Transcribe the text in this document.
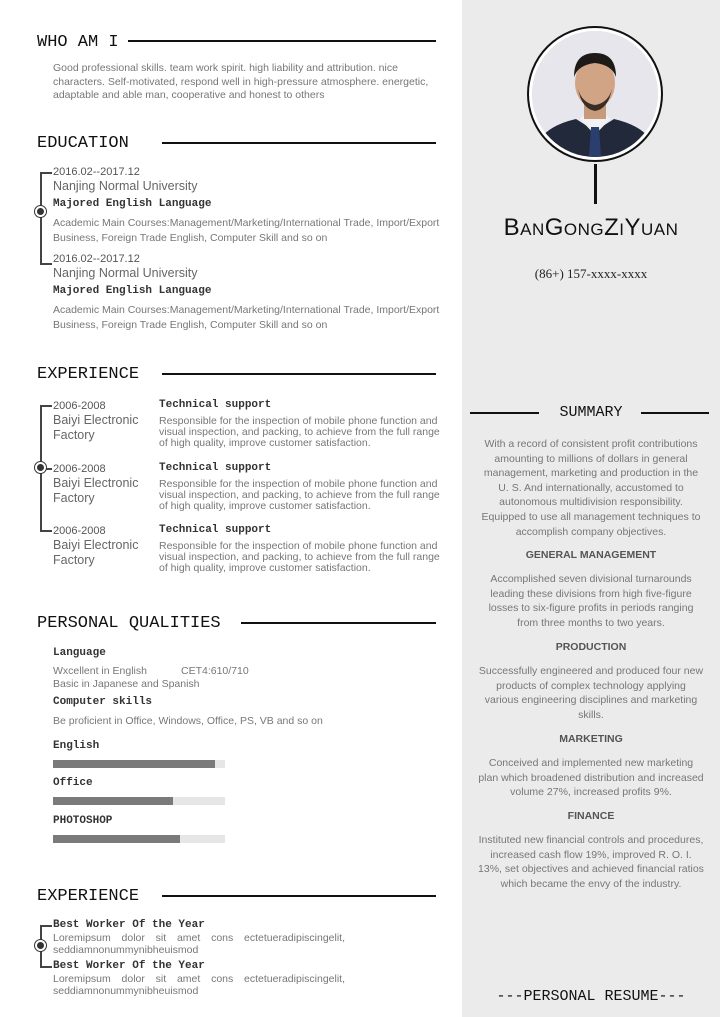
WHO AM I
Good professional skills. team work spirit. high liability and attribution. nice characters. Self-motivated, respond well in high-pressure atmosphere. energetic, adaptable and able man, cooperative and honest to others
EDUCATION
2016.02--2017.12
Nanjing Normal University
Majored English Language
Academic Main Courses:Management/Marketing/International Trade, Import/Export Business, Foreign Trade English, Computer Skill and so on
2016.02--2017.12
Nanjing Normal University
Majored English Language
Academic Main Courses:Management/Marketing/International Trade, Import/Export Business, Foreign Trade English, Computer Skill and so on
EXPERIENCE
2006-2008
Baiyi Electronic Factory
Technical support
Responsible for the inspection of mobile phone function and visual inspection, and packing, to achieve from the full range of high quality, improve customer satisfaction.
2006-2008
Baiyi Electronic Factory
Technical support
Responsible for the inspection of mobile phone function and visual inspection, and packing, to achieve from the full range of high quality, improve customer satisfaction.
2006-2008
Baiyi Electronic Factory
Technical support
Responsible for the inspection of mobile phone function and visual inspection, and packing, to achieve from the full range of high quality, improve customer satisfaction.
PERSONAL QUALITIES
Language
Wxcellent in English	CET4:610/710
Basic in Japanese and Spanish
Computer skills
Be proficient in Office, Windows, Office, PS, VB and so on
English
Office
PHOTOSHOP
EXPERIENCE
Best Worker Of the Year
Loremipsum dolor sit amet cons ectetueradipiscingelit,
seddiamnonummynibheuismod
Best Worker Of the Year
Loremipsum dolor sit amet cons ectetueradipiscingelit,
seddiamnonummynibheuismod
BanGongZiYuan
(86+) 157-xxxx-xxxx
SUMMARY
With a record of consistent profit contributions amounting to millions of dollars in general management, marketing and production in the U. S. And internationally, accustomed to autonomous multidivision responsibility. Equipped to use all management techniques to accomplish company objectives.
GENERAL MANAGEMENT
Accomplished seven divisional turnarounds leading these divisions from high five-figure losses to six-figure profits in periods ranging from three months to two years.
PRODUCTION
Successfully engineered and produced four new products of complex technology applying various engineering disciplines and marketing skills.
MARKETING
Conceived and implemented new marketing plan which broadened distribution and increased volume 27%, increased profits 9%.
FINANCE
Instituted new financial controls and procedures, increased cash flow 19%, improved R. O. I. 13%, set objectives and achieved financial ratios which became the envy of the industry.
---PERSONAL RESUME---
